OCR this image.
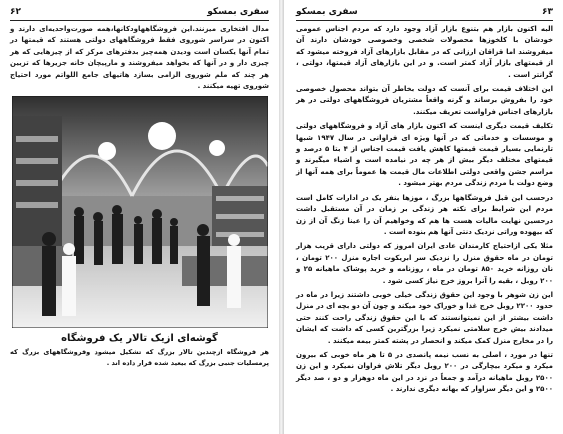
۶۲	سفری بمسکو

مدال افتخاری میزنند.این فروشگاههاودکانها،همه صورت‌واحدیه‌ای دارند و اکنون در سراسر شوروی فقط فروشگاههای دولتی هستند که قیمتها در تمام آنها یکسان است ودیدن همه‌چیز بدفترهای مرکز که از چیزهایی که هر چیزی دار و در آنها که بخواهد میفروشند و مارپیچان خانه جزیرها که تزیین هر چند که ملم شوروی الزامی بسازد هاتیهای جامع اللواتم مورد احتیاج شوروی تهیه میکنند .

گوشه‌ای ازیک تالار یک فروشگاه
هر فروشگاه ازچندین تالار بزرگ که تشکیل میشود وفروشگاههای بزرگ که پرمسلیات جنبی بزرگ که بیعید شده قرار داده اند .
سفری بمسکو	۶۳

البه اکنون بازار هم بتنوع بازار آزاد وجود دارد که مردم اجناس عمومی خودشان با کلخوزها محصولات شخصی وخصوصی خودشان دارند آن میفروشند اما قزاقان ارزانی که در مقابل بازارهای آزاد فروخته میشود که از قیمتهای بازار آزاد کمتر است. و در این بازارهای آزاد قیمتها، دولتی ، گرانتر است .

این اختلاف قیمت برای آنست که دولت بخاطر آن بتواند محصول خصوصی خود را بفروش برساند و گرنه واقعاً مشتریان فروشگاههای دولتی در هر بازارهای اجناس فراواست تعریف میکنند.

تکلیف قیمت دیگری اینست که اکنون بازار های آزاد و فروشگاههای دولتی و موسسات و خدماتی که در آنها ویژه ای فراوانی در سال ۱۹۴۷ شبها تارنمایی بسیار قیمت قیمتها کاهش یافت قیمت اجناس از ۴ بتا ۵ درصد و قیمتهای مختلف دیگر بیش از هر چه در نیامده است و اشیاء میگیرند و مراسم جشن واقعی دولتی اطلاعات مال قیمت ها عموماً برای همه آنها از وضع دولت با مردم زندگی مردم بهتر میشود .

درحسب این قبل فروشگاهها بزرگ ، موزها بنفر یک در ادارات کامل است مردم این شرایط برای نکته هر زندگی بر زمان در آن مستقبل داشت درحسین نهایت مالیات هست ها هم که وخواهیم آن را عینا زنگ آن از زن که بیهوده وراتی نزدیک دنتی آنها هم بنوده است .

مثلا یکی ازاحتیاج کارمندان عادی ایران امروز که دولتی دارای قریب هزار تومان در ماه حقوق منزل را نزدیک سر ابریکوت اجاره منزل ۲۰۰ تومان ، نان روزانه خرید ۸۵۰ تومان در ماه ، روزنامه و خرید پوشاک ماهیانه ۲۵ و ۲۰۰ روبل ، بقیه را آنرا بروز خرج نیاز کسی شود .

این زن شوهر با وجود این حقوق زندگی خیلی خوبی داشتند زیرا در ماه در حدود ۲۲۰۰ روبل خرج غذا و خوراک خود میکند و چون آن دو بچه ای در منزل داشت بیشتر از این نمیتوانستند که با این حقوق زندگی راحت کنند حتی میدادند بیش خرج سلامتی نمیکرد زیرا بزرگترین کسی که داشت که ایشان را در مخارج منزل کمک میکند و انحصار در پشته کمتر بیمه میکنند .

تنها در مورد ، اصلی به نسب نیمه پانصدی در ۵ تا هر ماه خوبی که بیرون میکرد و میکرد بیچارگی در ۲۰۰ روبل دیگر تلاش فراوان نمیکرد و این زن ۲۵۰۰ روبل ماهیانه درآمد و جمعاً در نزد در این ماه دوهزار و دو ، صد دیگر ۲۵۰۰ و این دیگر سزاوار که بهانه دیگری ندارند .
